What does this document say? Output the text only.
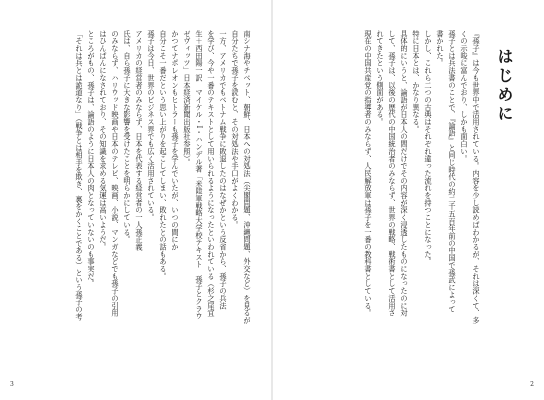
南シナ海やチベット、朝鮮、日本への対処法（尖閣問題、沖縄問題、外交など）を見るが
自分たちで孫子を読むと、その対処法や手口がよくわかる。
一方、アメリカでもベトナム戦争に敗退したのはなぜかという反省から、孫子の兵法
を学び、今や一番のテキストとして用いられるようになったといわれている（杉之尾宜
生＋西田陽一訳　マイケル・I・ハンデル著「米陸軍戦略大学校テキスト　孫子とクラウ
ゼヴィッツ」日本経済新聞出版社参照）。
かつてナポレオンもヒトラーも孫子を学んでいたが、いつの間にか
自分こそ一番だという思い上がりを起こしてしまい、敗れたとの話もある。
孫子は今日、世界のビジネス界でも広く活用されている。
アメリカの経営者のみならず、日本を代表する経営者の一人孫正義
氏は、自ら孫子に大きな影響を受けたことを明らかにしている。
のみならず、ハリウッド映画や日本のテレビ、映画、小説、マンガなどでも孫子の引用
はひんぱんになされており、その知識を求める気運は高いようだ。
ところがもの、孫子は、論語のように日本人の肉となっていないのも事実だ。
「それは兵とは詭道なり」（戦争とは相手を欺き、裏をかくことである）という孫子の考
3
はじめに
『孫子』は今も世界中で活用されている。内容を少し読めばわかるが、それは深くて、多
くの示唆に富んでおり、しかも面白い。
孫子とは兵法書のことで、『論語』と同じ時代の約二千五百年前の中国で孫武によって
書かれた。
しかし、これら二つの古典はそれぞれ違った流れを持つことになった。
特に日本とは、かなり異なる。
具体的にいうと、論語が日本人の間だけでその内容が深く浸透したものになったのに対
して、孫子は、以後の歴代の中国統治者のみならず、世界の戦略、戦術書として活用さ
れてきたという側面がある。
現在の中国共産党の指導者のみならず、人民解放軍は孫子を一番の教科書としている。
2
